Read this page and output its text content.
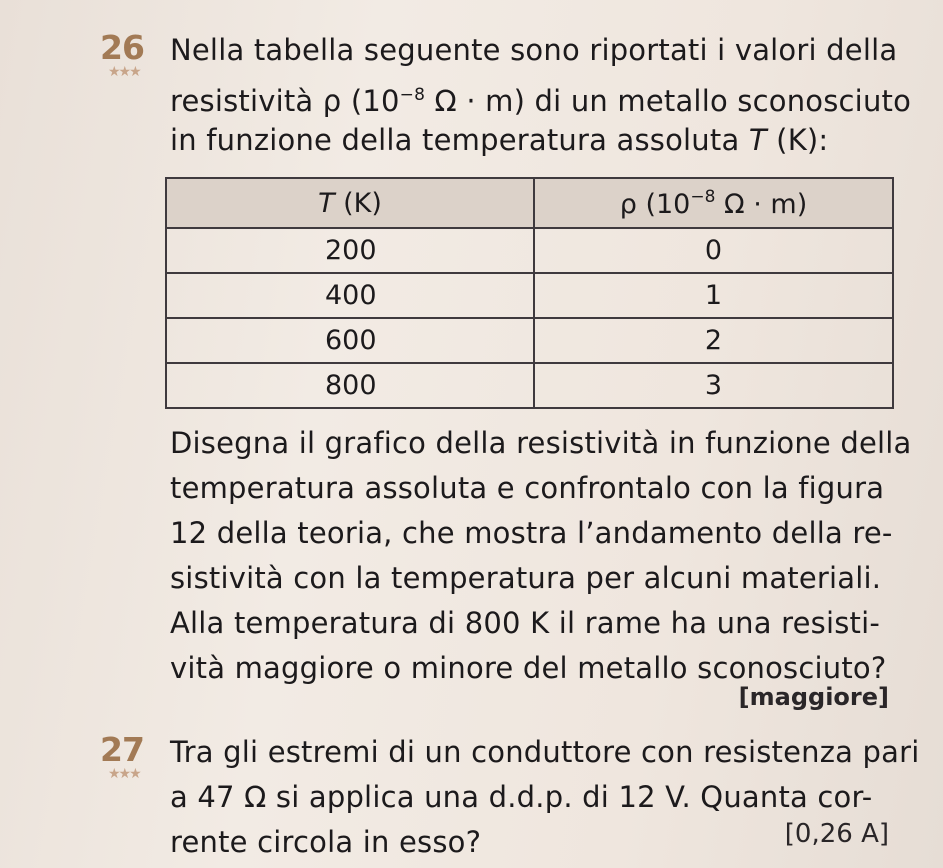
26
★★★
Nella tabella seguente sono riportati i valori della
resistività ρ ($10^{-8}$ Ω · m) di un metallo sconosciuto
in funzione della temperatura assoluta T (K):
T (K)	ρ ($10^{-8}$ Ω · m)
200	0
400	1
600	2
800	3
Disegna il grafico della resistività in funzione della
temperatura assoluta e confrontalo con la figura
12 della teoria, che mostra l’andamento della re-
sistività con la temperatura per alcuni materiali.
Alla temperatura di 800 K il rame ha una resisti-
vità maggiore o minore del metallo sconosciuto?
[maggiore]
27
★★★
Tra gli estremi di un conduttore con resistenza pari
a 47 Ω si applica una d.d.p. di 12 V. Quanta cor-
rente circola in esso?	[0,26 A]
